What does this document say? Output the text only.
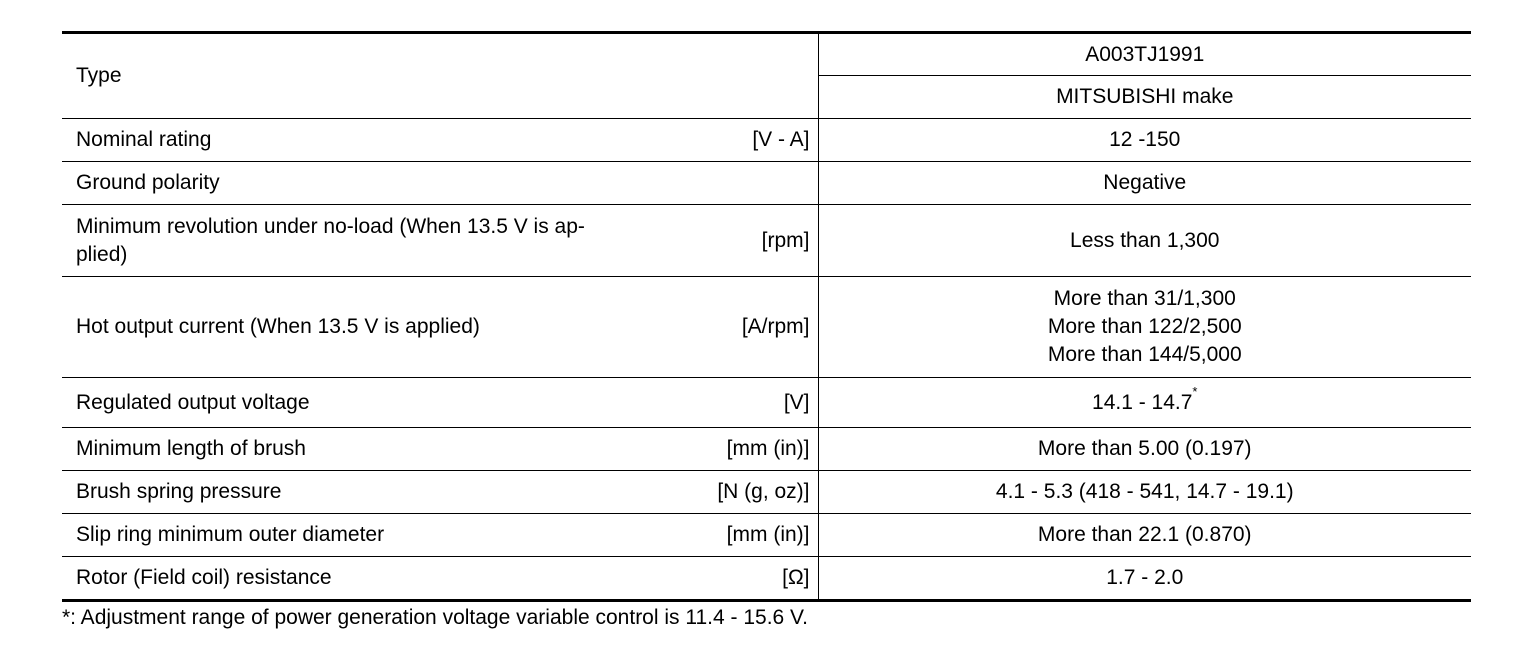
Type		A003TJ1991
		MITSUBISHI make
Nominal rating	[V - A]	12 -150
Ground polarity		Negative

Minimum revolution under no-load (When 13.5 V is ap-
plied)	[rpm]	Less than 1,300
Hot output current (When 13.5 V is applied)	[A/rpm]	More than 31/1,300
More than 122/2,500
More than 144/5,000

Regulated output voltage	[V]	14.1 - 14.7*
Minimum length of brush	[mm (in)]	More than 5.00 (0.197)
Brush spring pressure	[N (g, oz)]	4.1 - 5.3 (418 - 541, 14.7 - 19.1)
Slip ring minimum outer diameter	[mm (in)]	More than 22.1 (0.870)
Rotor (Field coil) resistance	[Ω]	1.7 - 2.0
*: Adjustment range of power generation voltage variable control is 11.4 - 15.6 V.
